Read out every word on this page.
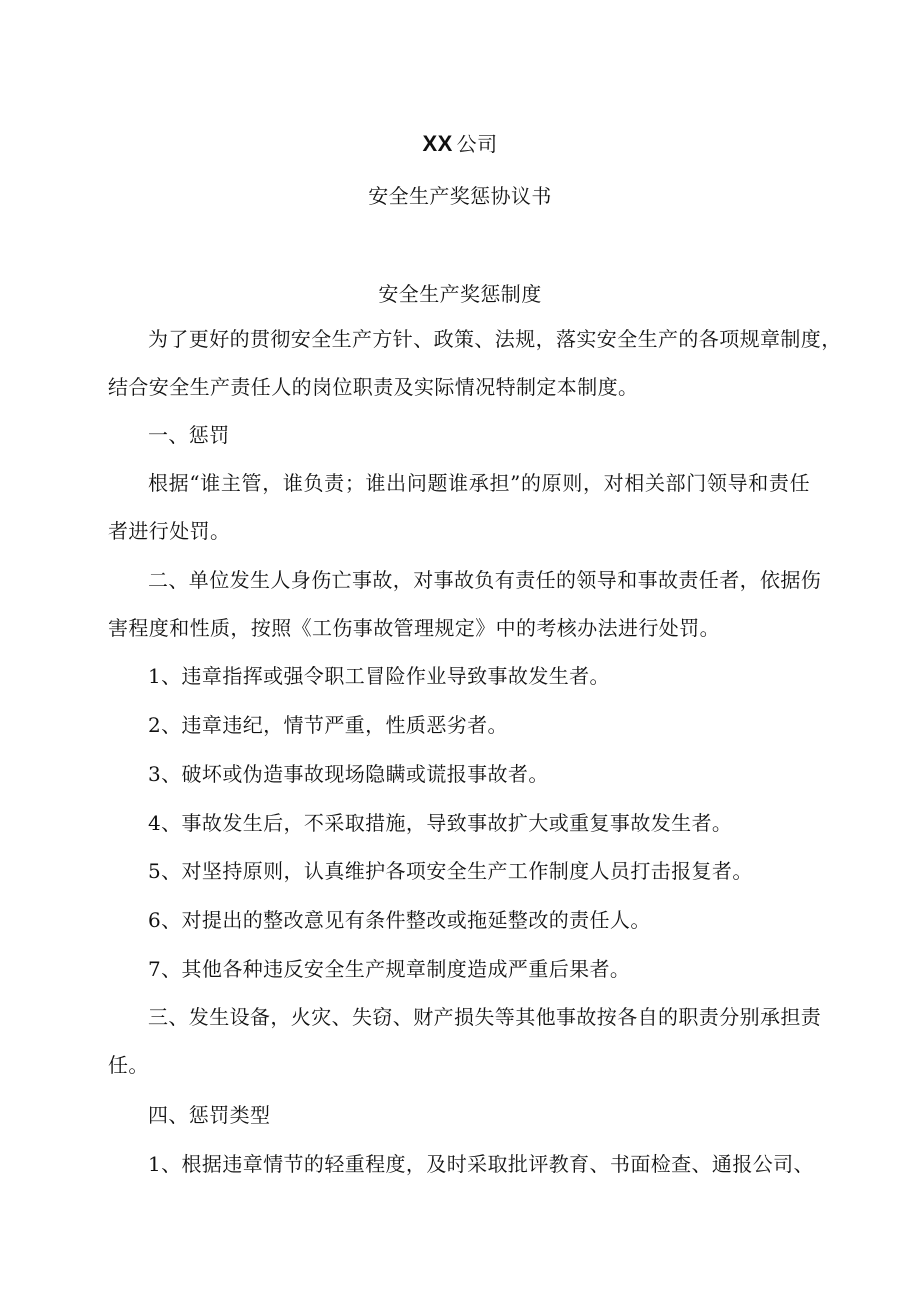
XX 公司
安全生产奖惩协议书
安全生产奖惩制度
为了更好的贯彻安全生产方针、政策、法规，落实安全生产的各项规章制度，
结合安全生产责任人的岗位职责及实际情况特制定本制度。
一、惩罚
根据“谁主管，谁负责；谁出问题谁承担”的原则，对相关部门领导和责任
者进行处罚。
二、单位发生人身伤亡事故，对事故负有责任的领导和事故责任者，依据伤
害程度和性质，按照《工伤事故管理规定》中的考核办法进行处罚。
1、违章指挥或强令职工冒险作业导致事故发生者。
2、违章违纪，情节严重，性质恶劣者。
3、破坏或伪造事故现场隐瞒或谎报事故者。
4、事故发生后，不采取措施，导致事故扩大或重复事故发生者。
5、对坚持原则，认真维护各项安全生产工作制度人员打击报复者。
6、对提出的整改意见有条件整改或拖延整改的责任人。
7、其他各种违反安全生产规章制度造成严重后果者。
三、发生设备，火灾、失窃、财产损失等其他事故按各自的职责分别承担责
任。
四、惩罚类型
1、根据违章情节的轻重程度，及时采取批评教育、书面检查、通报公司、
